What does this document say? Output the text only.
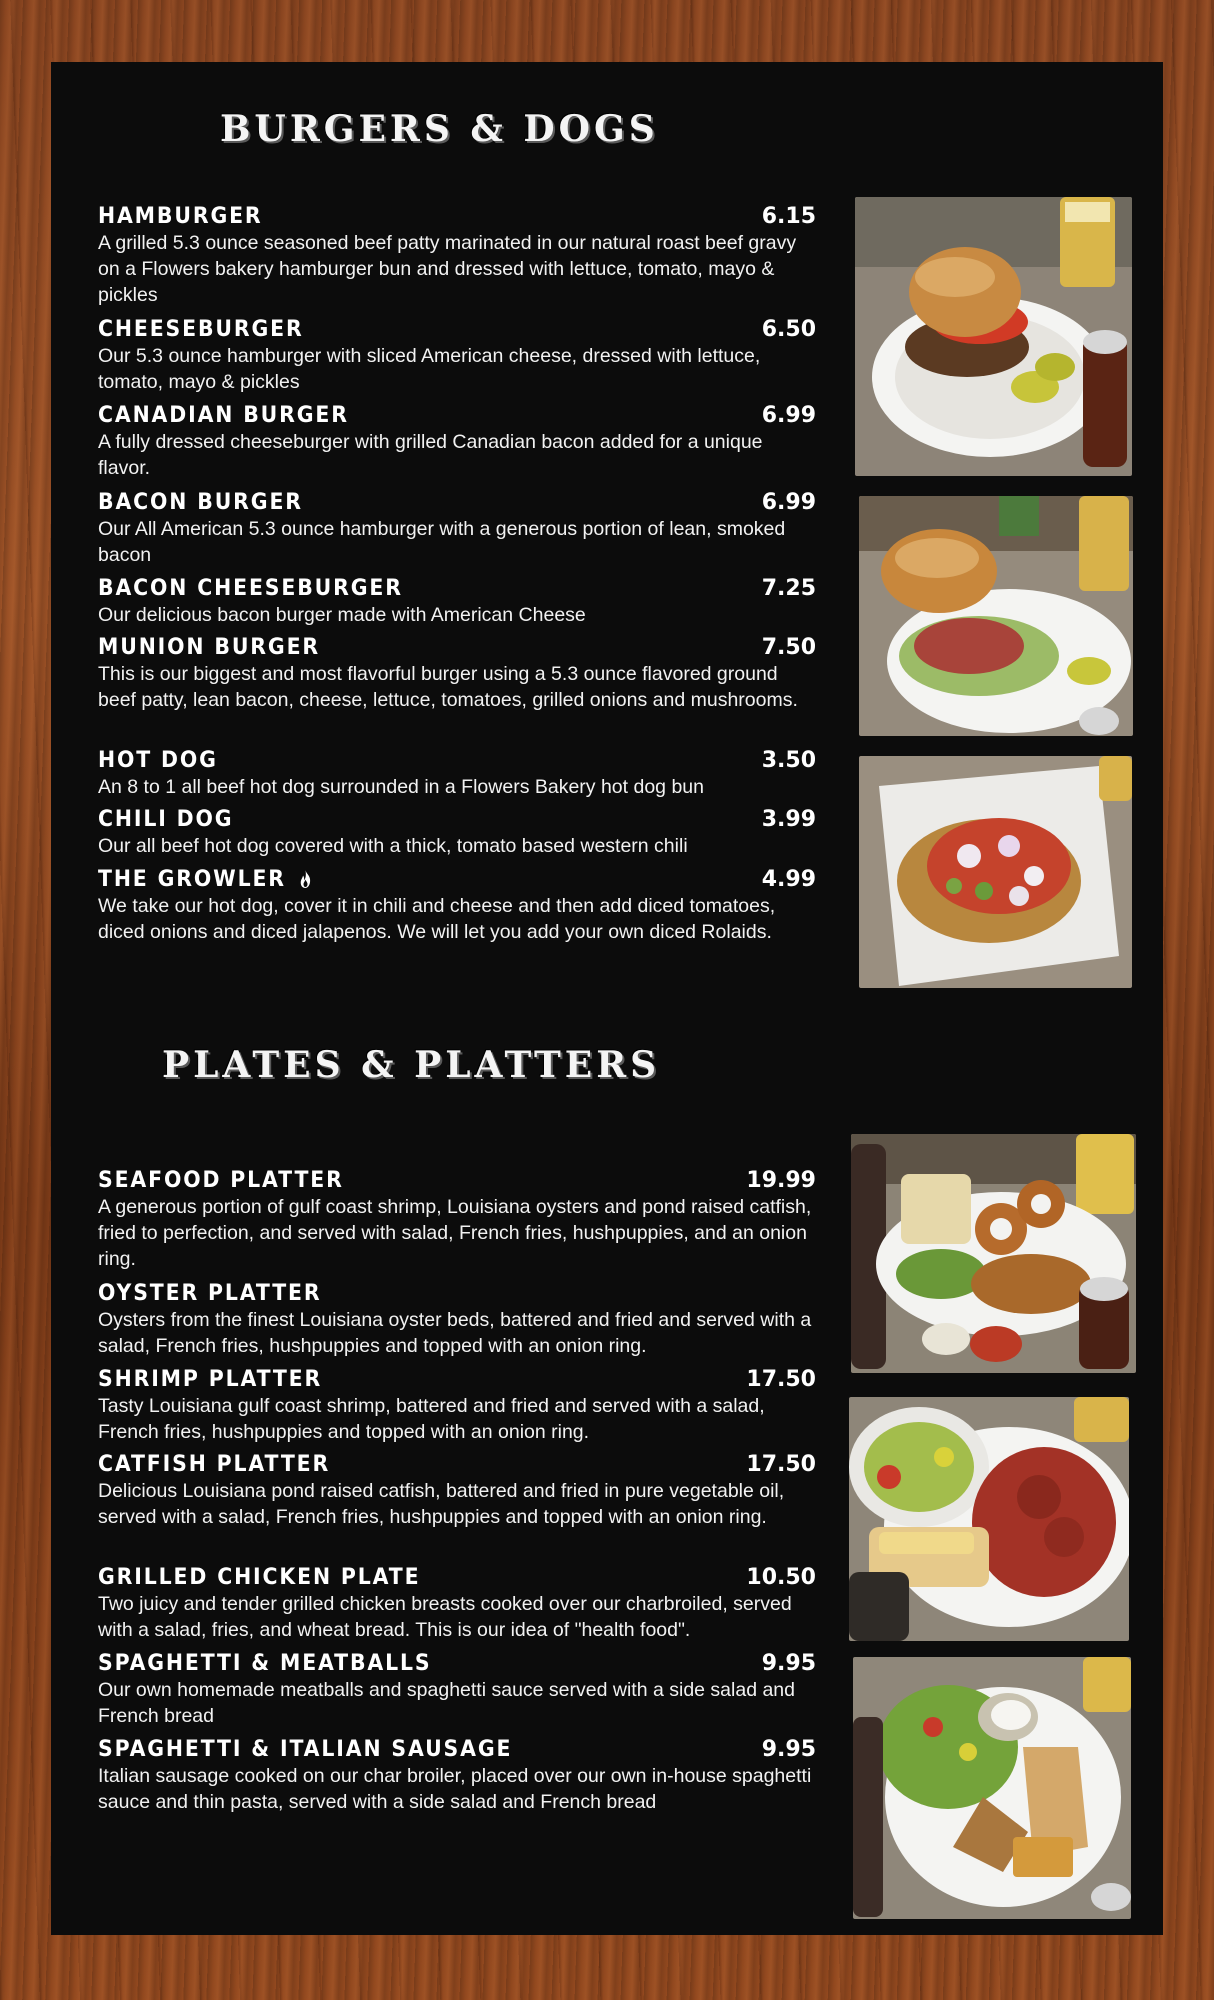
BURGERS & DOGS
HAMBURGER	6.15
A grilled 5.3 ounce seasoned beef patty marinated in our natural roast beef gravy on a Flowers bakery hamburger bun and dressed with lettuce, tomato, mayo & pickles
CHEESEBURGER	6.50
Our 5.3 ounce hamburger with sliced American cheese, dressed with lettuce, tomato, mayo & pickles
CANADIAN BURGER	6.99
A fully dressed cheeseburger with grilled Canadian bacon added for a unique flavor.
BACON BURGER	6.99
Our All American 5.3 ounce hamburger with a generous portion of lean, smoked bacon
BACON CHEESEBURGER	7.25
Our delicious bacon burger made with American Cheese
MUNION BURGER	7.50
This is our biggest and most flavorful burger using a 5.3 ounce flavored ground beef patty, lean bacon, cheese, lettuce, tomatoes, grilled onions and mushrooms.
HOT DOG	3.50
An 8 to 1 all beef hot dog surrounded in a Flowers Bakery hot dog bun
CHILI DOG	3.99
Our all beef hot dog covered with a thick, tomato based western chili
THE GROWLER	4.99
We take our hot dog, cover it in chili and cheese and then add diced tomatoes, diced onions and diced jalapenos. We will let you add your own diced Rolaids.
PLATES & PLATTERS
SEAFOOD PLATTER	19.99
A generous portion of gulf coast shrimp, Louisiana oysters and pond raised catfish, fried to perfection, and served with salad, French fries, hushpuppies, and an onion ring.
OYSTER PLATTER
Oysters from the finest Louisiana oyster beds, battered and fried and served with a salad, French fries, hushpuppies and topped with an onion ring.
SHRIMP PLATTER	17.50
Tasty Louisiana gulf coast shrimp, battered and fried and served with a salad, French fries, hushpuppies and topped with an onion ring.
CATFISH PLATTER	17.50
Delicious Louisiana pond raised catfish, battered and fried in pure vegetable oil, served with a salad, French fries, hushpuppies and topped with an onion ring.
GRILLED CHICKEN PLATE	10.50
Two juicy and tender grilled chicken breasts cooked over our charbroiled, served with a salad, fries, and wheat bread. This is our idea of "health food".
SPAGHETTI & MEATBALLS	9.95
Our own homemade meatballs and spaghetti sauce served with a side salad and French bread
SPAGHETTI & ITALIAN SAUSAGE	9.95
Italian sausage cooked on our char broiler, placed over our own in-house spaghetti sauce and thin pasta, served with a side salad and French bread
